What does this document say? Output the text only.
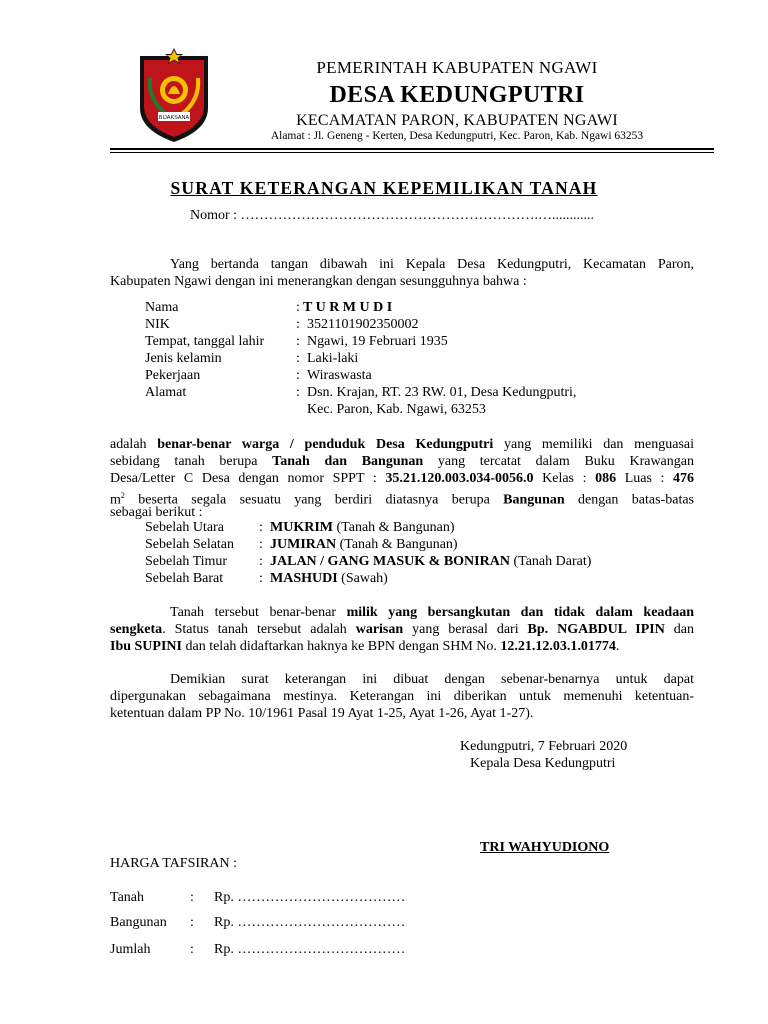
BIJAKSANA
PEMERINTAH KABUPATEN NGAWI
DESA KEDUNGPUTRI
KECAMATAN PARON, KABUPATEN NGAWI
Alamat : Jl. Geneng - Kerten, Desa Kedungputri, Kec. Paron, Kab. Ngawi 63253
SURAT KETERANGAN KEPEMILIKAN TANAH
Nomor : ……………………………………………………….…............
Yang bertanda tangan dibawah ini Kepala Desa Kedungputri, Kecamatan Paron,
Kabupaten Ngawi dengan ini menerangkan dengan sesungguhnya bahwa :
Nama	: T U R M U D I
NIK	: 3521101902350002
Tempat, tanggal lahir : Ngawi, 19 Februari 1935
Jenis kelamin	: Laki-laki
Pekerjaan	: Wiraswasta
Alamat	: Dsn. Krajan, RT. 23 RW. 01, Desa Kedungputri,
Kec. Paron, Kab. Ngawi, 63253
adalah benar-benar warga / penduduk Desa Kedungputri yang memiliki dan menguasai
sebidang tanah berupa Tanah dan Bangunan yang tercatat dalam Buku Krawangan
Desa/Letter C Desa dengan nomor SPPT : 35.21.120.003.034-0056.0 Kelas : 086 Luas : 476
$m^2$ beserta segala sesuatu yang berdiri diatasnya berupa Bangunan dengan batas-batas
sebagai berikut :
Sebelah Utara	: MUKRIM (Tanah & Bangunan)
Sebelah Selatan : JUMIRAN (Tanah & Bangunan)
Sebelah Timur : JALAN / GANG MASUK & BONIRAN (Tanah Darat)
Sebelah Barat	: MASHUDI (Sawah)
Tanah tersebut benar-benar milik yang bersangkutan dan tidak dalam keadaan
sengketa. Status tanah tersebut adalah warisan yang berasal dari Bp. NGABDUL IPIN dan
Ibu SUPINI dan telah didaftarkan haknya ke BPN dengan SHM No. 12.21.12.03.1.01774.
Demikian surat keterangan ini dibuat dengan sebenar-benarnya untuk dapat
dipergunakan sebagaimana mestinya. Keterangan ini diberikan untuk memenuhi ketentuan-
ketentuan dalam PP No. 10/1961 Pasal 19 Ayat 1-25, Ayat 1-26, Ayat 1-27).
Kedungputri, 7 Februari 2020
Kepala Desa Kedungputri
TRI WAHYUDIONO
HARGA TAFSIRAN :
Tanah	: Rp. ………………………………
Bangunan : Rp. ………………………………
Jumlah	: Rp. ………………………………
